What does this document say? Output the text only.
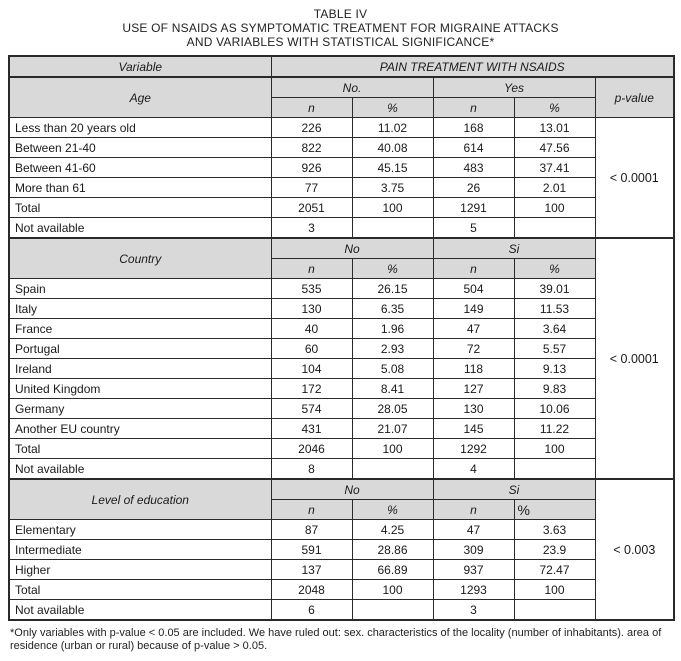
TABLE IV
USE OF NSAIDS AS SYMPTOMATIC TREATMENT FOR MIGRAINE ATTACKS
AND VARIABLES WITH STATISTICAL SIGNIFICANCE*
Variable	PAIN TREATMENT WITH NSAIDS				
Age	No.		Yes		p-value
	n	%	n	%	
Less than 20 years old	226	11.02	168	13.01	< 0.0001
Between 21-40	822	40.08	614	47.56	
Between 41-60	926	45.15	483	37.41	
More than 61	77	3.75	26	2.01	
Total	2051	100	1291	100	
Not available	3		5		
Country	No		Si		< 0.0001
	n	%	n	%	
Spain	535	26.15	504	39.01	
Italy	130	6.35	149	11.53	
France	40	1.96	47	3.64	
Portugal	60	2.93	72	5.57	
Ireland	104	5.08	118	9.13	
United Kingdom	172	8.41	127	9.83	
Germany	574	28.05	130	10.06	
Another EU country	431	21.07	145	11.22	
Total	2046	100	1292	100	
Not available	8		4		
Level of education	No		Si		< 0.003
	n	%	n	%	
Elementary	87	4.25	47	3.63	
Intermediate	591	28.86	309	23.9	
Higher	137	66.89	937	72.47	
Total	2048	100	1293	100	
Not available	6		3		
*Only variables with p-value < 0.05 are included. We have ruled out: sex. characteristics of the locality (number of inhabitants). area of residence (urban or rural) because of p-value > 0.05.
